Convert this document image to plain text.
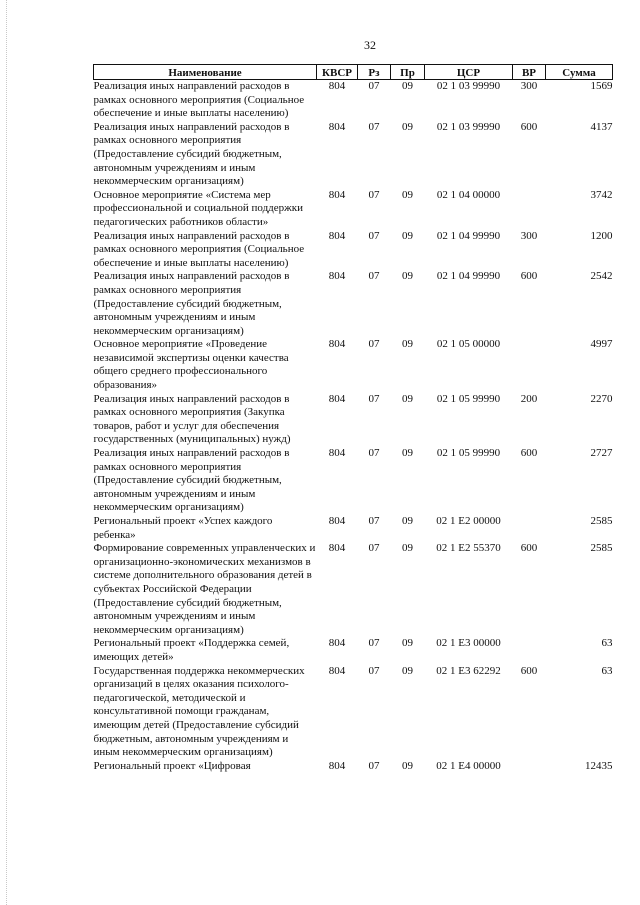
32
Наименование	КВСР	Рз	Пр	ЦСР	ВР	Сумма
Реализация иных направлений расходов в рамках основного мероприятия (Социальное обеспечение и иные выплаты населению)	804	07	09	02 1 03 99990	300	1569
Реализация иных направлений расходов в рамках основного мероприятия (Предоставление субсидий бюджетным, автономным учреждениям и иным некоммерческим организациям)	804	07	09	02 1 03 99990	600	4137
Основное мероприятие «Система мер профессиональной и социальной поддержки педагогических работников области»	804	07	09	02 1 04 00000		3742
Реализация иных направлений расходов в рамках основного мероприятия (Социальное обеспечение и иные выплаты населению)	804	07	09	02 1 04 99990	300	1200
Реализация иных направлений расходов в рамках основного мероприятия (Предоставление субсидий бюджетным, автономным учреждениям и иным некоммерческим организациям)	804	07	09	02 1 04 99990	600	2542
Основное мероприятие «Проведение независимой экспертизы оценки качества общего среднего профессионального образования»	804	07	09	02 1 05 00000		4997
Реализация иных направлений расходов в рамках основного мероприятия (Закупка товаров, работ и услуг для обеспечения государственных (муниципальных) нужд)	804	07	09	02 1 05 99990	200	2270
Реализация иных направлений расходов в рамках основного мероприятия (Предоставление субсидий бюджетным, автономным учреждениям и иным некоммерческим организациям)	804	07	09	02 1 05 99990	600	2727
Региональный проект «Успех каждого ребенка»	804	07	09	02 1 E2 00000		2585
Формирование современных управленческих и организационно-экономических механизмов в системе дополнительного образования детей в субъектах Российской Федерации (Предоставление субсидий бюджетным, автономным учреждениям и иным некоммерческим организациям)	804	07	09	02 1 E2 55370	600	2585
Региональный проект «Поддержка семей, имеющих детей»	804	07	09	02 1 E3 00000		63
Государственная поддержка некоммерческих организаций в целях оказания психолого-педагогической, методической и консультативной помощи гражданам, имеющим детей (Предоставление субсидий бюджетным, автономным учреждениям и иным некоммерческим организациям)	804	07	09	02 1 E3 62292	600	63
Региональный проект «Цифровая	804	07	09	02 1 E4 00000		12435
